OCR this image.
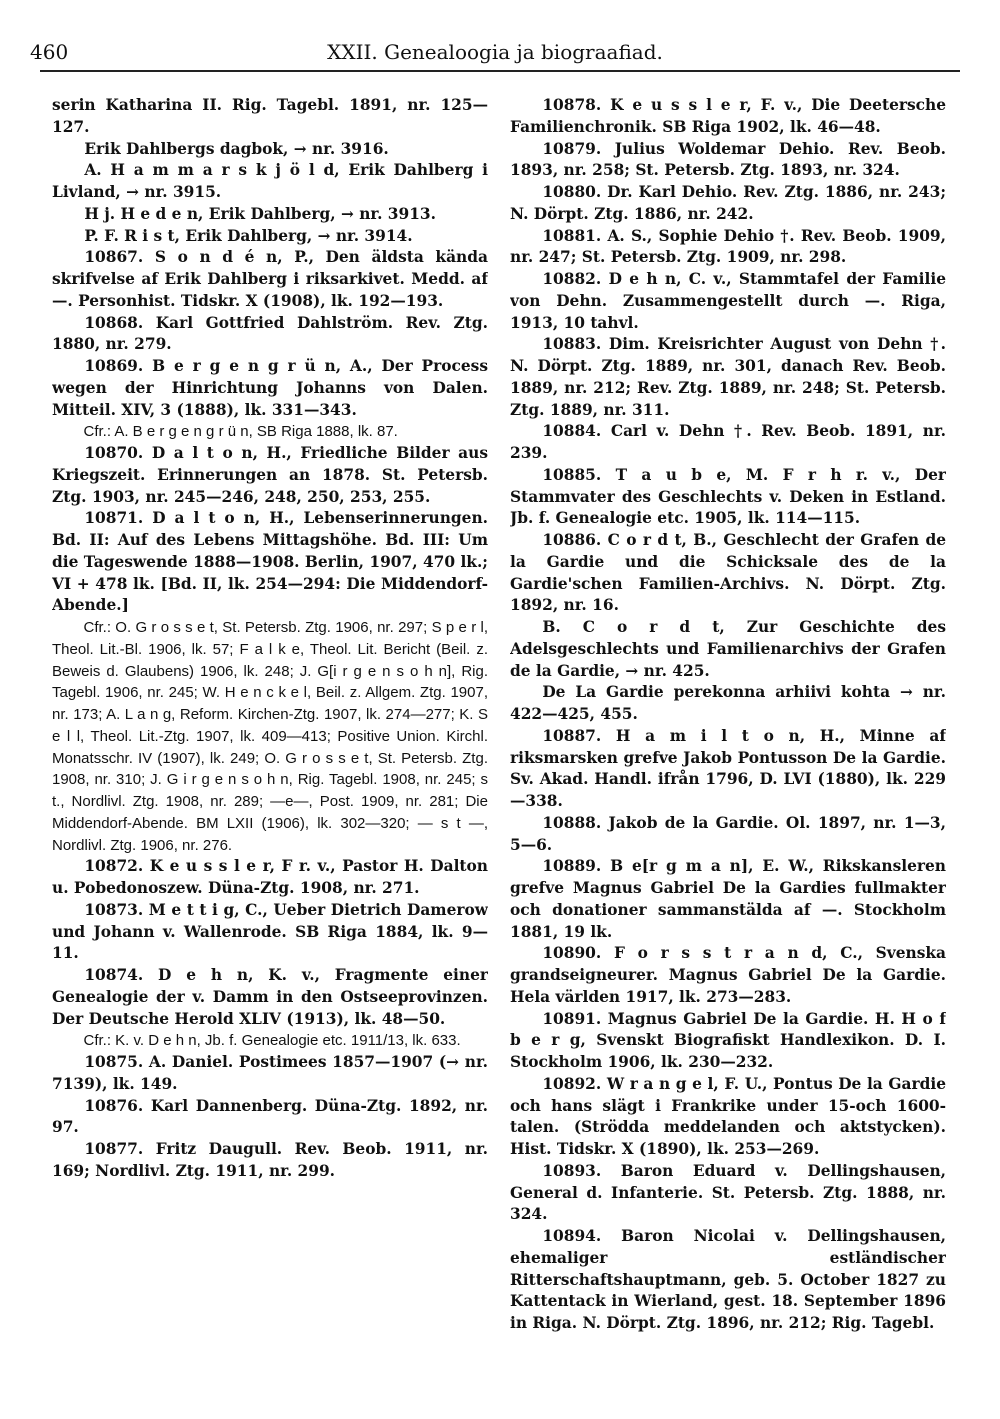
460	XXII. Genealoogia ja biograafiad.

serin Katharina II. Rig. Tagebl. 1891, nr. 125—127.

Erik Dahlbergs dagbok, → nr. 3916.

A. H a m m a r s k j ö l d, Erik Dahlberg i Livland, → nr. 3915.

H j. H e d e n, Erik Dahlberg, → nr. 3913.

P. F. R i s t, Erik Dahlberg, → nr. 3914.

10867. S o n d é n, P., Den äldsta kända skrifvelse af Erik Dahlberg i riksarkivet. Medd. af —. Personhist. Tidskr. X (1908), lk. 192—193.

10868. Karl Gottfried Dahlström. Rev. Ztg. 1880, nr. 279.

10869. B e r g e n g r ü n, A., Der Process wegen der Hinrichtung Johanns von Dalen. Mitteil. XIV, 3 (1888), lk. 331—343.

Cfr.: A. B e r g e n g r ü n, SB Riga 1888, lk. 87.

10870. D a l t o n, H., Friedliche Bilder aus Kriegszeit. Erinnerungen an 1878. St. Petersb. Ztg. 1903, nr. 245—246, 248, 250, 253, 255.

10871. D a l t o n, H., Lebenserinnerungen. Bd. II: Auf des Lebens Mittagshöhe. Bd. III: Um die Tageswende 1888—1908. Berlin, 1907, 470 lk.; VI + 478 lk. [Bd. II, lk. 254—294: Die Middendorf-Abende.]

Cfr.: O. G r o s s e t, St. Petersb. Ztg. 1906, nr. 297; S p e r l, Theol. Lit.-Bl. 1906, lk. 57; F a l k e, Theol. Lit. Bericht (Beil. z. Beweis d. Glaubens) 1906, lk. 248; J. G[i r g e n s o h n], Rig. Tagebl. 1906, nr. 245; W. H e n c k e l, Beil. z. Allgem. Ztg. 1907, nr. 173; A. L a n g, Reform. Kirchen-Ztg. 1907, lk. 274—277; K. S e l l, Theol. Lit.-Ztg. 1907, lk. 409—413; Positive Union. Kirchl. Monatsschr. IV (1907), lk. 249; O. G r o s s e t, St. Petersb. Ztg. 1908, nr. 310; J. G i r g e n s o h n, Rig. Tagebl. 1908, nr. 245; s t., Nordlivl. Ztg. 1908, nr. 289; —e—, Post. 1909, nr. 281; Die Middendorf-Abende. BM LXII (1906), lk. 302—320; — s t —, Nordlivl. Ztg. 1906, nr. 276.

10872. K e u s s l e r, F r. v., Pastor H. Dalton u. Pobedonoszew. Düna-Ztg. 1908, nr. 271.

10873. M e t t i g, C., Ueber Dietrich Damerow und Johann v. Wallenrode. SB Riga 1884, lk. 9—11.

10874. D e h n, K. v., Fragmente einer Genealogie der v. Damm in den Ostseeprovinzen. Der Deutsche Herold XLIV (1913), lk. 48—50.

Cfr.: K. v. D e h n, Jb. f. Genealogie etc. 1911/13, lk. 633.

10875. A. Daniel. Postimees 1857—1907 (→ nr. 7139), lk. 149.

10876. Karl Dannenberg. Düna-Ztg. 1892, nr. 97.

10877. Fritz Daugull. Rev. Beob. 1911, nr. 169; Nordlivl. Ztg. 1911, nr. 299.

10878. K e u s s l e r, F. v., Die Deetersche Familienchronik. SB Riga 1902, lk. 46—48.

10879. Julius Woldemar Dehio. Rev. Beob. 1893, nr. 258; St. Petersb. Ztg. 1893, nr. 324.

10880. Dr. Karl Dehio. Rev. Ztg. 1886, nr. 243; N. Dörpt. Ztg. 1886, nr. 242.

10881. A. S., Sophie Dehio †. Rev. Beob. 1909, nr. 247; St. Petersb. Ztg. 1909, nr. 298.

10882. D e h n, C. v., Stammtafel der Familie von Dehn. Zusammengestellt durch —. Riga, 1913, 10 tahvl.

10883. Dim. Kreisrichter August von Dehn †. N. Dörpt. Ztg. 1889, nr. 301, danach Rev. Beob. 1889, nr. 212; Rev. Ztg. 1889, nr. 248; St. Petersb. Ztg. 1889, nr. 311.

10884. Carl v. Dehn †. Rev. Beob. 1891, nr. 239.

10885. T a u b e, M. F r h r. v., Der Stammvater des Geschlechts v. Deken in Estland. Jb. f. Genealogie etc. 1905, lk. 114—115.

10886. C o r d t, B., Geschlecht der Grafen de la Gardie und die Schicksale des de la Gardie'schen Familien-Archivs. N. Dörpt. Ztg. 1892, nr. 16.

B. C o r d t, Zur Geschichte des Adelsgeschlechts und Familienarchivs der Grafen de la Gardie, → nr. 425.

De La Gardie perekonna arhiivi kohta → nr. 422—425, 455.

10887. H a m i l t o n, H., Minne af riksmarsken grefve Jakob Pontusson De la Gardie. Sv. Akad. Handl. ifrån 1796, D. LVI (1880), lk. 229—338.

10888. Jakob de la Gardie. Ol. 1897, nr. 1—3, 5—6.

10889. B e[r g m a n], E. W., Rikskansleren grefve Magnus Gabriel De la Gardies fullmakter och donationer sammanstälda af —. Stockholm 1881, 19 lk.

10890. F o r s s t r a n d, C., Svenska grandseigneurer. Magnus Gabriel De la Gardie. Hela världen 1917, lk. 273—283.

10891. Magnus Gabriel De la Gardie. H. H o f b e r g, Svenskt Biografiskt Handlexikon. D. I. Stockholm 1906, lk. 230—232.

10892. W r a n g e l, F. U., Pontus De la Gardie och hans slägt i Frankrike under 15-och 1600-talen. (Strödda meddelanden och aktstycken). Hist. Tidskr. X (1890), lk. 253—269.

10893. Baron Eduard v. Dellingshausen, General d. Infanterie. St. Petersb. Ztg. 1888, nr. 324.

10894. Baron Nicolai v. Dellingshausen, ehemaliger estländischer Ritterschaftshauptmann, geb. 5. October 1827 zu Kattentack in Wierland, gest. 18. September 1896 in Riga. N. Dörpt. Ztg. 1896, nr. 212; Rig. Tagebl.
